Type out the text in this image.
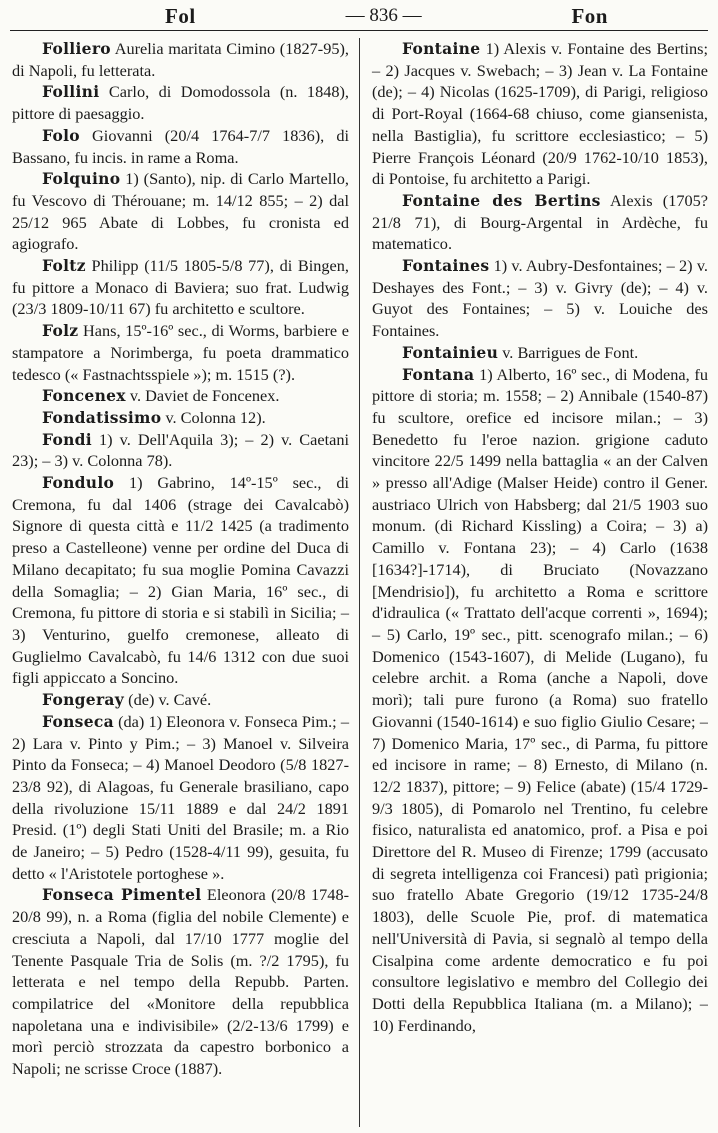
Fol	— 836 —	Fon

Folliero Aurelia maritata Cimino (1827-95), di Napoli, fu letterata.

Follini Carlo, di Domodossola (n. 1848), pittore di paesaggio.

Folo Giovanni (20/4 1764-7/7 1836), di Bassano, fu incis. in rame a Roma.

Folquino 1) (Santo), nip. di Carlo Martello, fu Vescovo di Thérouane; m. 14/12 855; – 2) dal 25/12 965 Abate di Lobbes, fu cronista ed agiografo.

Foltz Philipp (11/5 1805-5/8 77), di Bingen, fu pittore a Monaco di Baviera; suo frat. Ludwig (23/3 1809-10/11 67) fu architetto e scultore.

Folz Hans, 15º-16º sec., di Worms, barbiere e stampatore a Norimberga, fu poeta drammatico tedesco (« Fastnachtsspiele »); m. 1515 (?).

Foncenex v. Daviet de Foncenex.

Fondatissimo v. Colonna 12).

Fondi 1) v. Dell'Aquila 3); – 2) v. Caetani 23); – 3) v. Colonna 78).

Fondulo 1) Gabrino, 14º-15º sec., di Cremona, fu dal 1406 (strage dei Cavalcabò) Signore di questa città e 11/2 1425 (a tradimento preso a Castelleone) venne per ordine del Duca di Milano decapitato; fu sua moglie Pomina Cavazzi della Somaglia; – 2) Gian Maria, 16º sec., di Cremona, fu pittore di storia e si stabilì in Sicilia; – 3) Venturino, guelfo cremonese, alleato di Guglielmo Cavalcabò, fu 14/6 1312 con due suoi figli appiccato a Soncino.

Fongeray (de) v. Cavé.

Fonseca (da) 1) Eleonora v. Fonseca Pim.; – 2) Lara v. Pinto y Pim.; – 3) Manoel v. Silveira Pinto da Fonseca; – 4) Manoel Deodoro (5/8 1827-23/8 92), di Alagoas, fu Generale brasiliano, capo della rivoluzione 15/11 1889 e dal 24/2 1891 Presid. (1º) degli Stati Uniti del Brasile; m. a Rio de Janeiro; – 5) Pedro (1528-4/11 99), gesuita, fu detto « l'Aristotele portoghese ».

Fonseca Pimentel Eleonora (20/8 1748-20/8 99), n. a Roma (figlia del nobile Clemente) e cresciuta a Napoli, dal 17/10 1777 moglie del Tenente Pasquale Tria de Solis (m. ?/2 1795), fu letterata e nel tempo della Repubb. Parten. compilatrice del «Monitore della repubblica napoletana una e indivisibile» (2/2-13/6 1799) e morì perciò strozzata da capestro borbonico a Napoli; ne scrisse Croce (1887).

Fontaine 1) Alexis v. Fontaine des Bertins; – 2) Jacques v. Swebach; – 3) Jean v. La Fontaine (de); – 4) Nicolas (1625-1709), di Parigi, religioso di Port-Royal (1664-68 chiuso, come giansenista, nella Bastiglia), fu scrittore ecclesiastico; – 5) Pierre François Léonard (20/9 1762-10/10 1853), di Pontoise, fu architetto a Parigi.

Fontaine des Bertins Alexis (1705? 21/8 71), di Bourg-Argental in Ardèche, fu matematico.

Fontaines 1) v. Aubry-Desfontaines; – 2) v. Deshayes des Font.; – 3) v. Givry (de); – 4) v. Guyot des Fontaines; – 5) v. Louiche des Fontaines.

Fontainieu v. Barrigues de Font.

Fontana 1) Alberto, 16º sec., di Modena, fu pittore di storia; m. 1558; – 2) Annibale (1540-87) fu scultore, orefice ed incisore milan.; – 3) Benedetto fu l'eroe nazion. grigione caduto vincitore 22/5 1499 nella battaglia « an der Calven » presso all'Adige (Malser Heide) contro il Gener. austriaco Ulrich von Habsberg; dal 21/5 1903 suo monum. (di Richard Kissling) a Coira; – 3) a) Camillo v. Fontana 23); – 4) Carlo (1638 [1634?]-1714), di Bruciato (Novazzano [Mendrisio]), fu architetto a Roma e scrittore d'idraulica (« Trattato dell'acque correnti », 1694); – 5) Carlo, 19º sec., pitt. scenografo milan.; – 6) Domenico (1543-1607), di Melide (Lugano), fu celebre archit. a Roma (anche a Napoli, dove morì); tali pure furono (a Roma) suo fratello Giovanni (1540-1614) e suo figlio Giulio Cesare; – 7) Domenico Maria, 17º sec., di Parma, fu pittore ed incisore in rame; – 8) Ernesto, di Milano (n. 12/2 1837), pittore; – 9) Felice (abate) (15/4 1729-9/3 1805), di Pomarolo nel Trentino, fu celebre fisico, naturalista ed anatomico, prof. a Pisa e poi Direttore del R. Museo di Firenze; 1799 (accusato di segreta intelligenza coi Francesi) patì prigionia; suo fratello Abate Gregorio (19/12 1735-24/8 1803), delle Scuole Pie, prof. di matematica nell'Università di Pavia, si segnalò al tempo della Cisalpina come ardente democratico e fu poi consultore legislativo e membro del Collegio dei Dotti della Repubblica Italiana (m. a Milano); – 10) Ferdinando,
